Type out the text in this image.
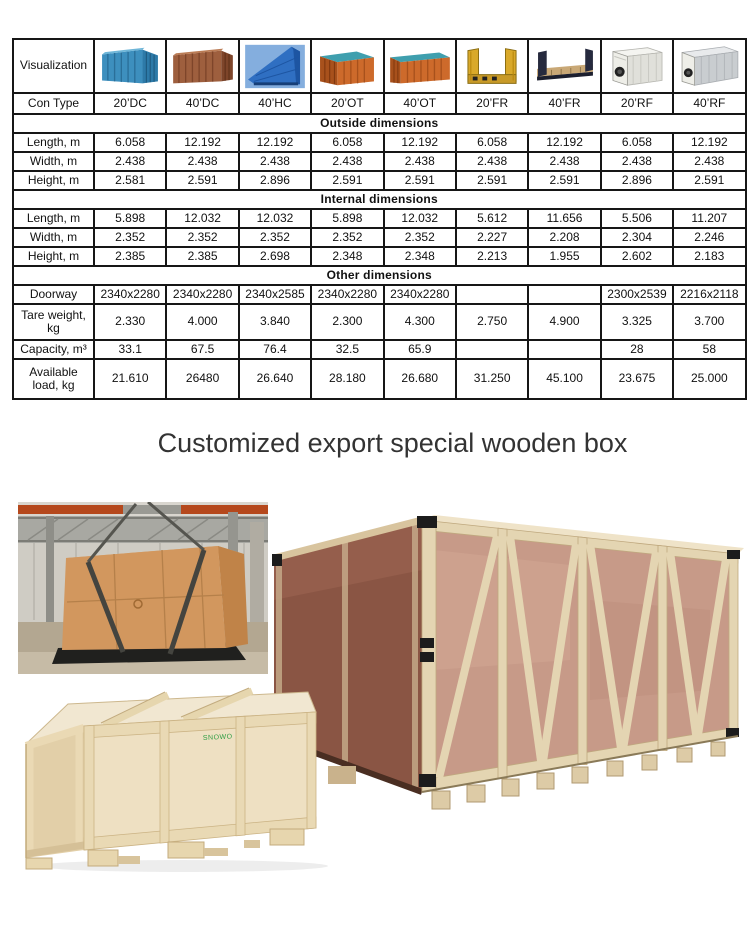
Visualization	

Con Type	20’DC	40’DC	40’HC	20’OT	40’OT	20’FR	40’FR	20’RF	40’RF
Outside dimensions									
Length, m	6.058	12.192	12.192	6.058	12.192	6.058	12.192	6.058	12.192
Width, m	2.438	2.438	2.438	2.438	2.438	2.438	2.438	2.438	2.438
Height, m	2.581	2.591	2.896	2.591	2.591	2.591	2.591	2.896	2.591
Internal dimensions									
Length, m	5.898	12.032	12.032	5.898	12.032	5.612	11.656	5.506	11.207
Width, m	2.352	2.352	2.352	2.352	2.352	2.227	2.208	2.304	2.246
Height, m	2.385	2.385	2.698	2.348	2.348	2.213	1.955	2.602	2.183
Other dimensions									
Doorway	2340x2280	2340x2280	2340x2585	2340x2280	2340x2280			2300x2539	2216x2118
Tare weight, kg	2.330	4.000	3.840	2.300	4.300	2.750	4.900	3.325	3.700
Capacity, m³	33.1	67.5	76.4	32.5	65.9			28	58
Available load, kg	21.610	26480	26.640	28.180	26.680	31.250	45.100	23.675	25.000
Customized export special wooden box
SNOWO
